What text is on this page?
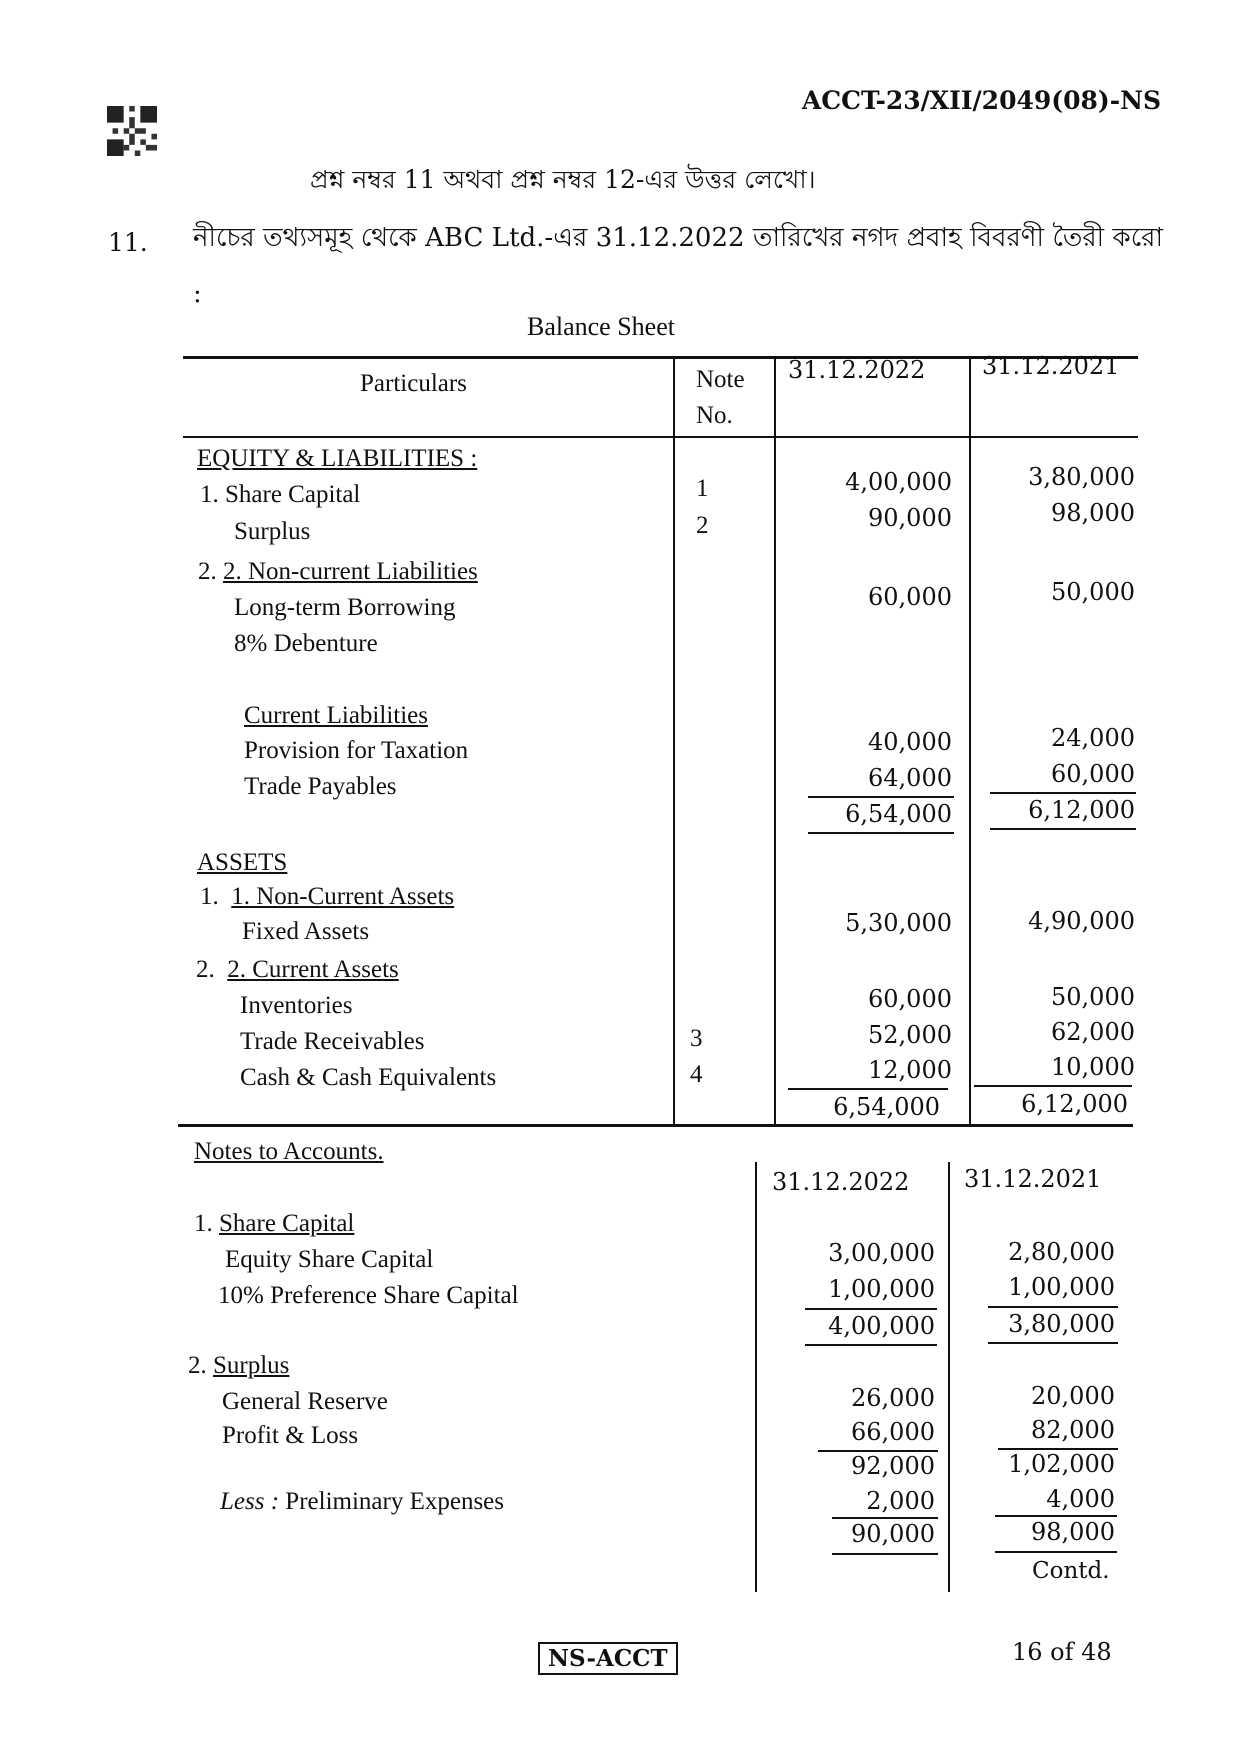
ACCT-23/XII/2049(08)-NS
প্রশ্ন নম্বর 11 অথবা প্রশ্ন নম্বর 12-এর উত্তর লেখো।
11. নীচের তথ্যসমূহ থেকে ABC Ltd.-এর 31.12.2022 তারিখের নগদ প্রবাহ বিবরণী তৈরী করো :
Balance Sheet
Particulars	Note No.
31.12.2022 31.12.2021
EQUITY & LIABILITIES :
1. Share Capital	1	4,00,000	3,80,000
Surplus	2	90,000	98,000
2. 2. Non-current Liabilities
Long-term Borrowing	60,000	50,000
8% Debenture
Current Liabilities
Provision for Taxation	40,000	24,000
Trade Payables	64,000	60,000
6,54,000	6,12,000
ASSETS
1.  1. Non-Current Assets
Fixed Assets	5,30,000	4,90,000
2.  2. Current Assets
Inventories	60,000	50,000
Trade Receivables	3	52,000	62,000
Cash & Cash Equivalents	4	12,000	10,000
6,54,000	6,12,000
Notes to Accounts.
31.12.2022 31.12.2021
1. Share Capital
Equity Share Capital	3,00,000	2,80,000
10% Preference Share Capital	1,00,000	1,00,000
4,00,000	3,80,000
2. Surplus
General Reserve	26,000	20,000
Profit & Loss	66,000	82,000
92,000	1,02,000
Less : Preliminary Expenses	2,000	4,000
90,000	98,000
Contd.
NS-ACCT	16 of 48
